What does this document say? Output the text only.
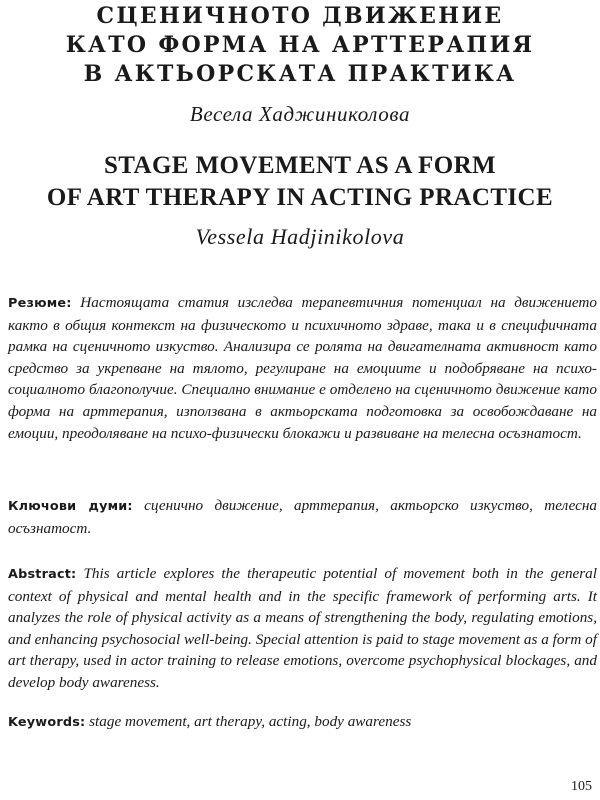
СЦЕНИЧНОТО ДВИЖЕНИЕ
КАТО ФОРМА НА АРТТЕРАПИЯ
В АКТЬОРСКАТА ПРАКТИКА
Весела Хаджиниколова
STAGE MOVEMENT AS A FORM
OF ART THERAPY IN ACTING PRACTICE
Vessela Hadjinikolova

Резюме: Настоящата статия изследва терапевтичния потенциал на движението както в общия контекст на физическото и психичното здраве, така и в специфичната рамка на сценичното изкуство. Анализира се ролята на двигателната активност като средство за укрепване на тялото, регулиране на емоциите и подобряване на психо-социалното благополучие. Специално внимание е отделено на сценичното движение като форма на арттерапия, използвана в актьорската подготовка за освобождаване на емоции, преодоляване на психо-физически блокажи и развиване на телесна осъзнатост.

Ключови думи: сценично движение, арттерапия, актьорско изкуство, телесна осъзнатост.

Abstract: This article explores the therapeutic potential of movement both in the general context of physical and mental health and in the specific framework of performing arts. It analyzes the role of physical activity as a means of strengthening the body, regulating emotions, and enhancing psychosocial well-being. Special attention is paid to stage movement as a form of art therapy, used in actor training to release emotions, overcome psychophysical blockages, and develop body awareness.

Keywords: stage movement, art therapy, acting, body awareness

105
